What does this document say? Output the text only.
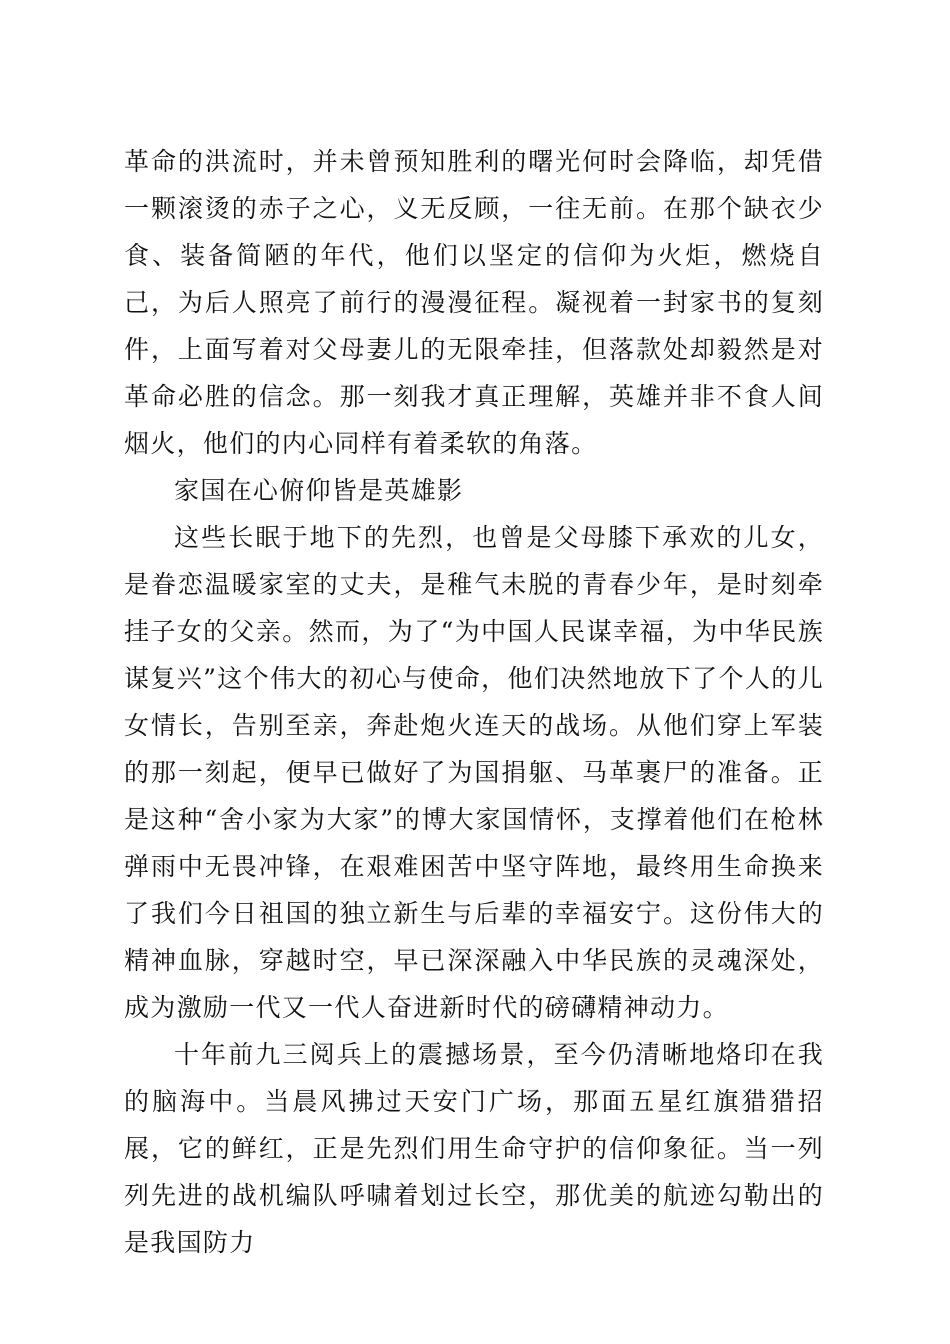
革命的洪流时，并未曾预知胜利的曙光何时会降临，却凭借一颗滚烫的赤子之心，义无反顾，一往无前。在那个缺衣少食、装备简陋的年代，他们以坚定的信仰为火炬，燃烧自己，为后人照亮了前行的漫漫征程。凝视着一封家书的复刻件，上面写着对父母妻儿的无限牵挂，但落款处却毅然是对革命必胜的信念。那一刻我才真正理解，英雄并非不食人间烟火，他们的内心同样有着柔软的角落。

家国在心俯仰皆是英雄影

这些长眠于地下的先烈，也曾是父母膝下承欢的儿女，是眷恋温暖家室的丈夫，是稚气未脱的青春少年，是时刻牵挂子女的父亲。然而，为了“为中国人民谋幸福，为中华民族谋复兴”这个伟大的初心与使命，他们决然地放下了个人的儿女情长，告别至亲，奔赴炮火连天的战场。从他们穿上军装的那一刻起，便早已做好了为国捐躯、马革裹尸的准备。正是这种“舍小家为大家”的博大家国情怀，支撑着他们在枪林弹雨中无畏冲锋，在艰难困苦中坚守阵地，最终用生命换来了我们今日祖国的独立新生与后辈的幸福安宁。这份伟大的精神血脉，穿越时空，早已深深融入中华民族的灵魂深处，成为激励一代又一代人奋进新时代的磅礴精神动力。

十年前九三阅兵上的震撼场景，至今仍清晰地烙印在我的脑海中。当晨风拂过天安门广场，那面五星红旗猎猎招展，它的鲜红，正是先烈们用生命守护的信仰象征。当一列列先进的战机编队呼啸着划过长空，那优美的航迹勾勒出的是我国防力
